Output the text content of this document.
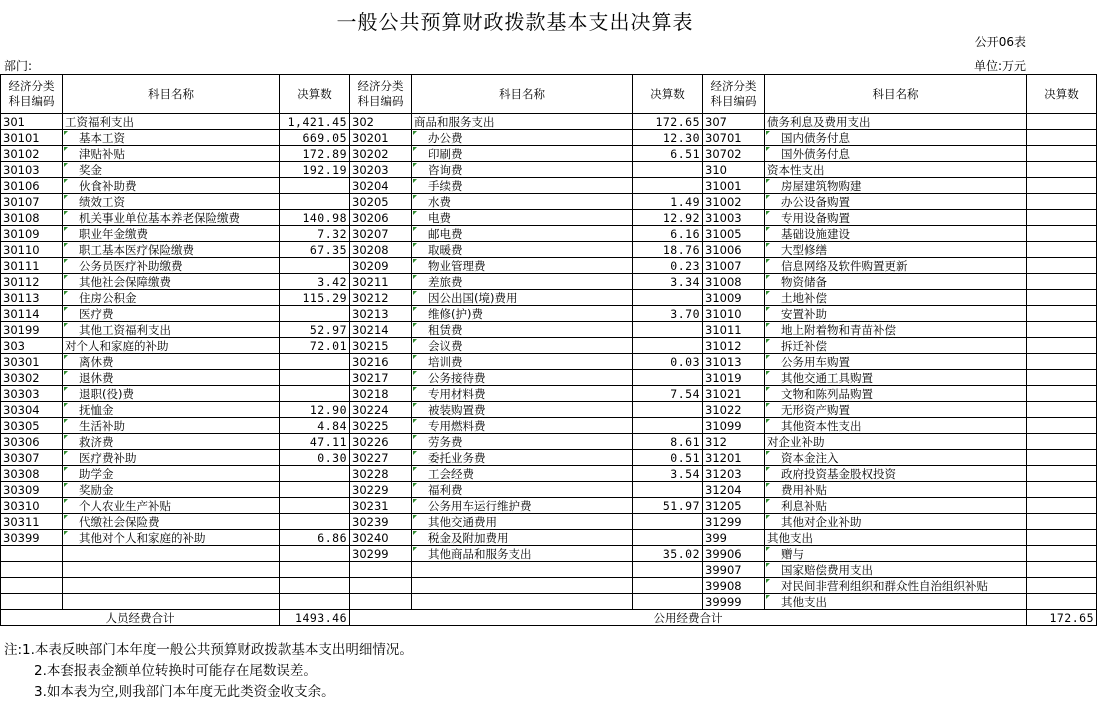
一般公共预算财政拨款基本支出决算表
公开06表
部门:	单位:万元
经济分类科目编码	科目名称	决算数	经济分类科目编码	科目名称	决算数	经济分类科目编码	科目名称	决算数
301	工资福利支出	1,421.45	302	商品和服务支出	172.65	307	债务利息及费用支出	
30101	基本工资	669.05	30201	办公费	12.30	30701	国内债务付息	
30102	津贴补贴	172.89	30202	印刷费	6.51	30702	国外债务付息	
30103	奖金	192.19	30203	咨询费		310	资本性支出	
30106	伙食补助费		30204	手续费		31001	房屋建筑物购建	
30107	绩效工资		30205	水费	1.49	31002	办公设备购置	
30108	机关事业单位基本养老保险缴费	140.98	30206	电费	12.92	31003	专用设备购置	
30109	职业年金缴费	7.32	30207	邮电费	6.16	31005	基础设施建设	
30110	职工基本医疗保险缴费	67.35	30208	取暖费	18.76	31006	大型修缮	
30111	公务员医疗补助缴费		30209	物业管理费	0.23	31007	信息网络及软件购置更新	
30112	其他社会保障缴费	3.42	30211	差旅费	3.34	31008	物资储备	
30113	住房公积金	115.29	30212	因公出国(境)费用		31009	土地补偿	
30114	医疗费		30213	维修(护)费	3.70	31010	安置补助	
30199	其他工资福利支出	52.97	30214	租赁费		31011	地上附着物和青苗补偿	
303	对个人和家庭的补助	72.01	30215	会议费		31012	拆迁补偿	
30301	离休费		30216	培训费	0.03	31013	公务用车购置	
30302	退休费		30217	公务接待费		31019	其他交通工具购置	
30303	退职(役)费		30218	专用材料费	7.54	31021	文物和陈列品购置	
30304	抚恤金	12.90	30224	被装购置费		31022	无形资产购置	
30305	生活补助	4.84	30225	专用燃料费		31099	其他资本性支出	
30306	救济费	47.11	30226	劳务费	8.61	312	对企业补助	
30307	医疗费补助	0.30	30227	委托业务费	0.51	31201	资本金注入	
30308	助学金		30228	工会经费	3.54	31203	政府投资基金股权投资	
30309	奖励金		30229	福利费		31204	费用补贴	
30310	个人农业生产补贴		30231	公务用车运行维护费	51.97	31205	利息补贴	
30311	代缴社会保险费		30239	其他交通费用		31299	其他对企业补助	
30399	其他对个人和家庭的补助	6.86	30240	税金及附加费用		399	其他支出	
			30299	其他商品和服务支出	35.02	39906	赠与	
						39907	国家赔偿费用支出	
						39908	对民间非营利组织和群众性自治组织补贴	
						39999	其他支出	
人员经费合计		1493.46	公用经费合计					172.65
注:1.本表反映部门本年度一般公共预算财政拨款基本支出明细情况。
2.本套报表金额单位转换时可能存在尾数误差。
3.如本表为空,则我部门本年度无此类资金收支余。
